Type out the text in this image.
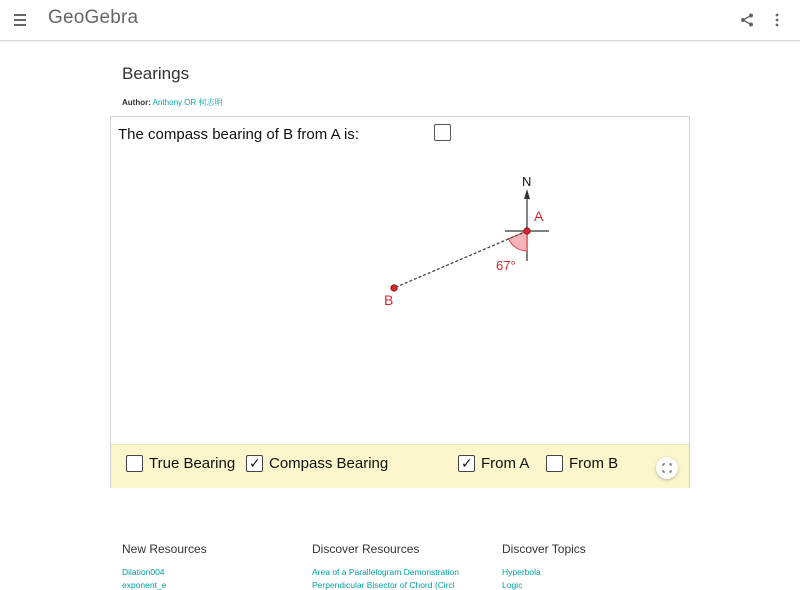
GeoGebra
Bearings
Author: Anthony OR 柯志明
N
A
B
67°
The compass bearing of B from A is:
True Bearing ✓ Compass Bearing	✓ From A	From B
New Resources
Dilation004
exponent_e
Discover Resources
Area of a Parallelogram Demonstration
Perpendicular Bisector of Chord (Circl
Discover Topics
Hyperbola
Logic
